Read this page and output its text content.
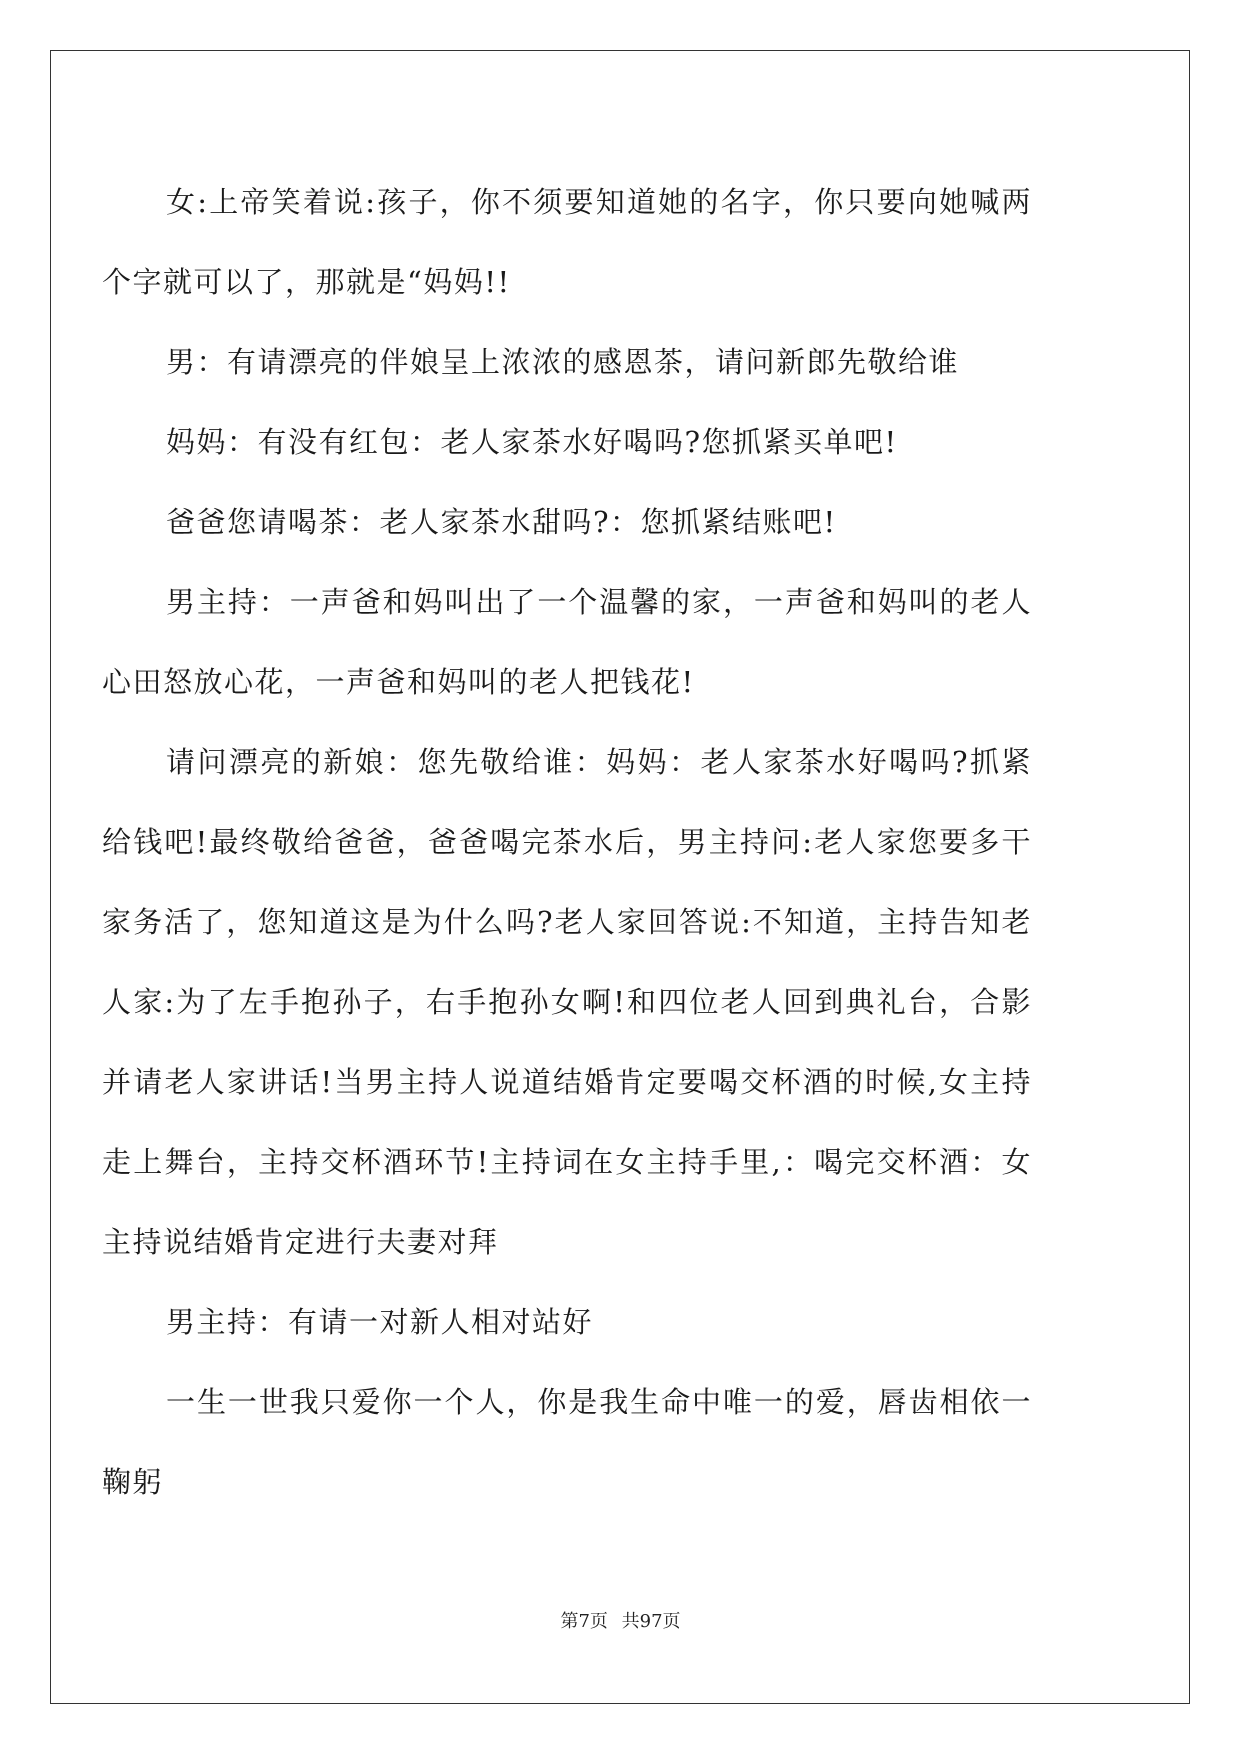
女:上帝笑着说:孩子，你不须要知道她的名字，你只要向她喊两个字就可以了，那就是“妈妈!!

男：有请漂亮的伴娘呈上浓浓的感恩茶，请问新郎先敬给谁

妈妈：有没有红包：老人家茶水好喝吗?您抓紧买单吧!

爸爸您请喝茶：老人家茶水甜吗?：您抓紧结账吧!

男主持：一声爸和妈叫出了一个温馨的家，一声爸和妈叫的老人心田怒放心花，一声爸和妈叫的老人把钱花!

请问漂亮的新娘：您先敬给谁：妈妈：老人家茶水好喝吗?抓紧给钱吧!最终敬给爸爸，爸爸喝完茶水后，男主持问:老人家您要多干家务活了，您知道这是为什么吗?老人家回答说:不知道，主持告知老人家:为了左手抱孙子，右手抱孙女啊!和四位老人回到典礼台，合影并请老人家讲话!当男主持人说道结婚肯定要喝交杯酒的时候,女主持走上舞台，主持交杯酒环节!主持词在女主持手里,：喝完交杯酒：女主持说结婚肯定进行夫妻对拜

男主持：有请一对新人相对站好

一生一世我只爱你一个人，你是我生命中唯一的爱，唇齿相依一鞠躬

第7页 共97页
